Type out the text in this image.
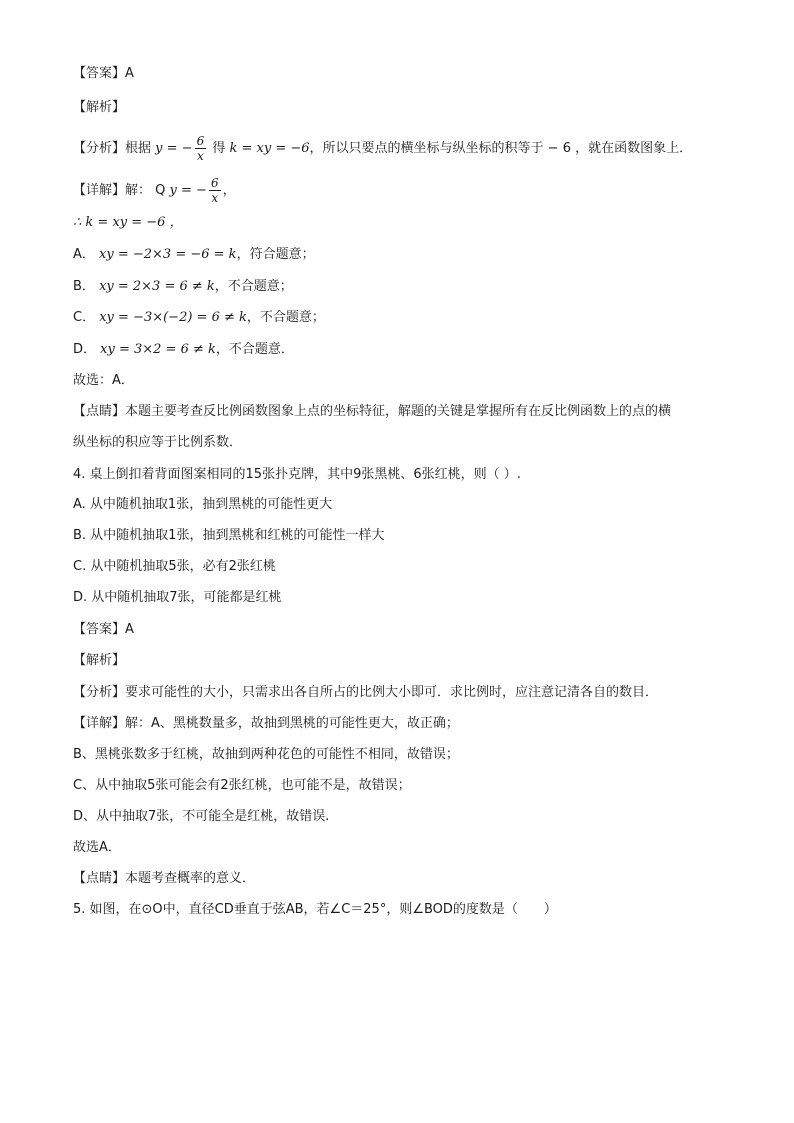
【答案】A
【解析】
【分析】根据 y = − $\frac{6}{x}$ 得 k = xy = −6，所以只要点的横坐标与纵坐标的积等于 − 6 ，就在函数图象上．
【详解】解： Q y = − $\frac{6}{x}$ ，
∴ k = xy = −6 ，
A． xy = −2×3 = −6 = k，符合题意；
B． xy = 2×3 = 6 ≠ k，不合题意；
C． xy = −3×(−2) = 6 ≠ k，不合题意；
D． xy = 3×2 = 6 ≠ k，不合题意．
故选：A．
【点睛】本题主要考查反比例函数图象上点的坐标特征，解题的关键是掌握所有在反比例函数上的点的横
纵坐标的积应等于比例系数．
4. 桌上倒扣着背面图案相同的15张扑克牌，其中9张黑桃、6张红桃，则（ ）.
A. 从中随机抽取1张，抽到黑桃的可能性更大
B. 从中随机抽取1张，抽到黑桃和红桃的可能性一样大
C. 从中随机抽取5张，必有2张红桃
D. 从中随机抽取7张，可能都是红桃
【答案】A
【解析】
【分析】要求可能性的大小，只需求出各自所占的比例大小即可．求比例时，应注意记清各自的数目．
【详解】解：A、黑桃数量多，故抽到黑桃的可能性更大，故正确；
B、黑桃张数多于红桃，故抽到两种花色的可能性不相同，故错误；
C、从中抽取5张可能会有2张红桃，也可能不是，故错误；
D、从中抽取7张，不可能全是红桃，故错误.
故选A．
【点睛】本题考查概率的意义．
5. 如图，在⊙O中，直径CD垂直于弦AB，若∠C＝25°，则∠BOD的度数是（　　）
